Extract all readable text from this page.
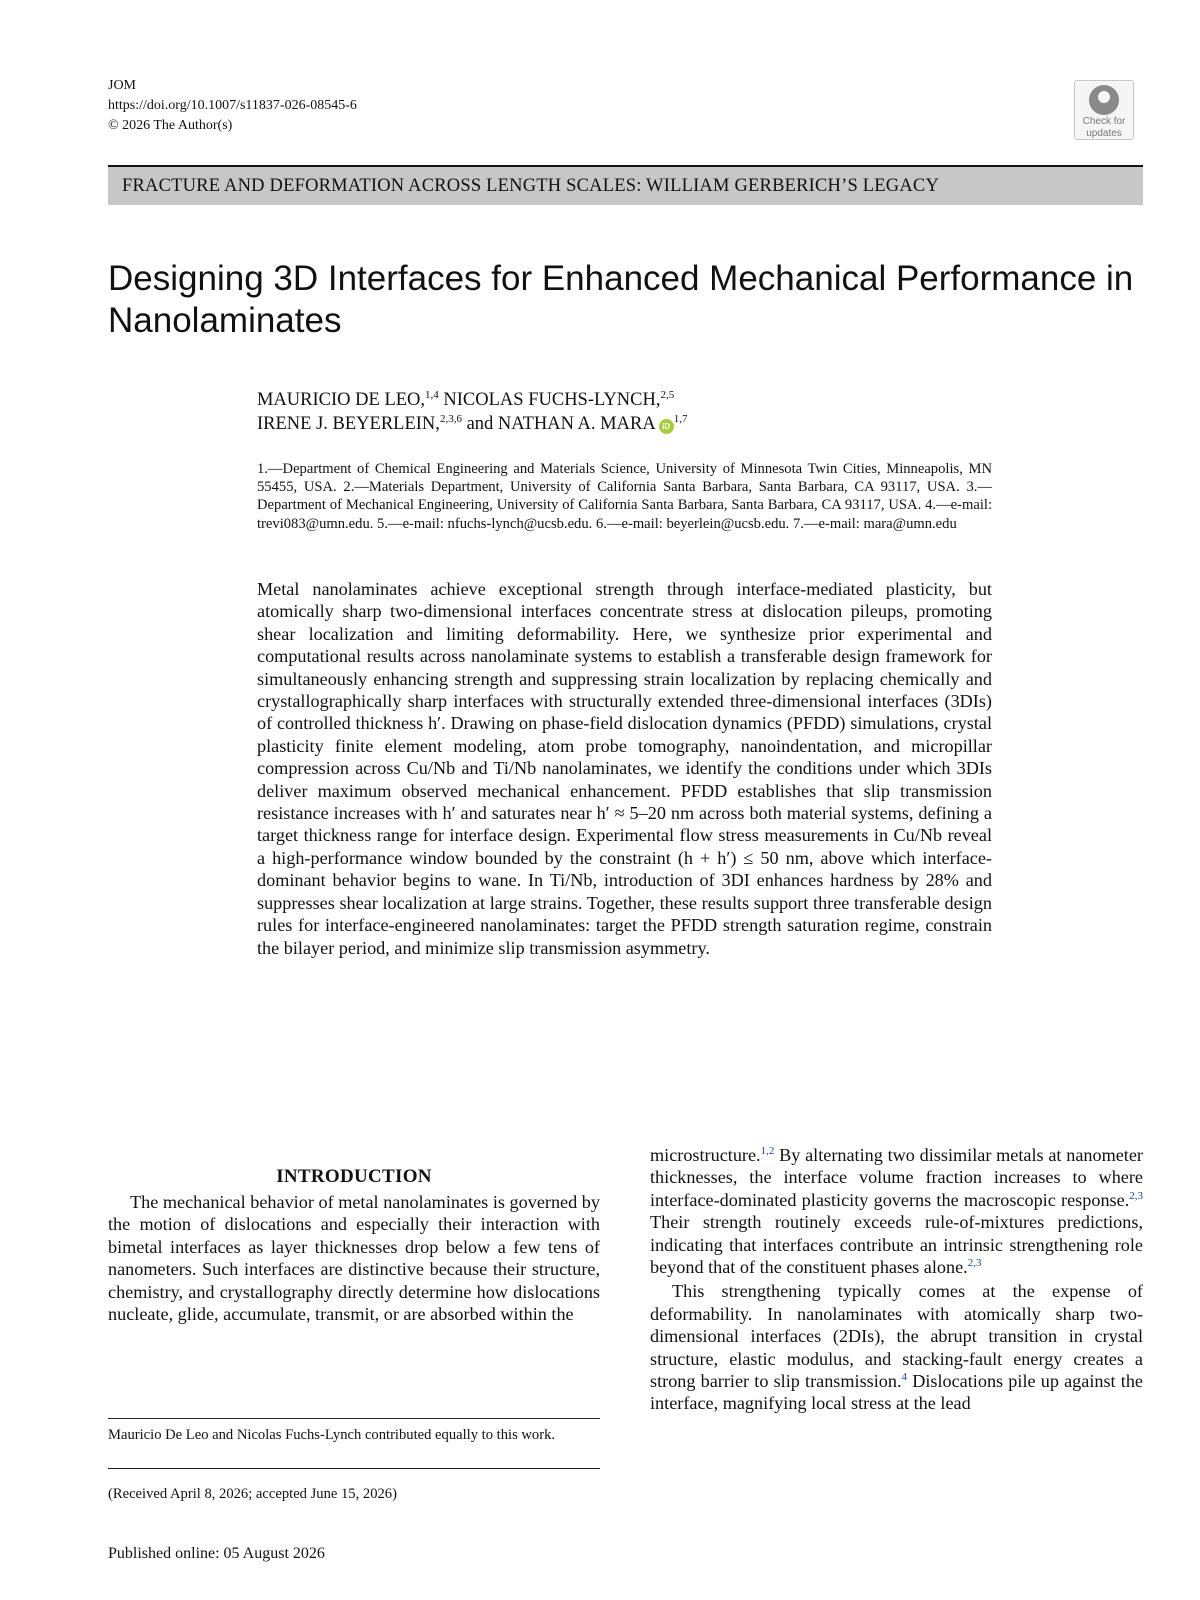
JOM
https://doi.org/10.1007/s11837-026-08545-6
© 2026 The Author(s)	Check for
updates
FRACTURE AND DEFORMATION ACROSS LENGTH SCALES: WILLIAM GERBERICH’S LEGACY
Designing 3D Interfaces for Enhanced Mechanical Performance in Nanolaminates
MAURICIO DE LEO,$^{1,4}$ NICOLAS FUCHS-LYNCH,$^{2,5}$
IRENE J. BEYERLEIN,$^{2,3,6}$ and NATHAN A. MARA iD$^{1,7}$

1.—Department of Chemical Engineering and Materials Science, University of Minnesota Twin Cities, Minneapolis, MN 55455, USA. 2.—Materials Department, University of California Santa Barbara, Santa Barbara, CA 93117, USA. 3.—Department of Mechanical Engineering, University of California Santa Barbara, Santa Barbara, CA 93117, USA. 4.—e-mail: trevi083@umn.edu. 5.—e-mail: nfuchs-lynch@ucsb.edu. 6.—e-mail: beyerlein@ucsb.edu. 7.—e-mail: mara@umn.edu

Metal nanolaminates achieve exceptional strength through interface-mediated plasticity, but atomically sharp two-dimensional interfaces concentrate stress at dislocation pileups, promoting shear localization and limiting deformability. Here, we synthesize prior experimental and computational results across nanolaminate systems to establish a transferable design framework for simultaneously enhancing strength and suppressing strain localization by replacing chemically and crystallographically sharp interfaces with structurally extended three-dimensional interfaces (3DIs) of controlled thickness h′. Drawing on phase-field dislocation dynamics (PFDD) simulations, crystal plasticity finite element modeling, atom probe tomography, nanoindentation, and micropillar compression across Cu/Nb and Ti/Nb nanolaminates, we identify the conditions under which 3DIs deliver maximum observed mechanical enhancement. PFDD establishes that slip transmission resistance increases with h′ and saturates near h′ ≈ 5–20 nm across both material systems, defining a target thickness range for interface design. Experimental flow stress measurements in Cu/Nb reveal a high-performance window bounded by the constraint (h + h′) ≤ 50 nm, above which interface-dominant behavior begins to wane. In Ti/Nb, introduction of 3DI enhances hardness by 28% and suppresses shear localization at large strains. Together, these results support three transferable design rules for interface-engineered nanolaminates: target the PFDD strength saturation regime, constrain the bilayer period, and minimize slip transmission asymmetry.

INTRODUCTION

The mechanical behavior of metal nanolaminates is governed by the motion of dislocations and especially their interaction with bimetal interfaces as layer thicknesses drop below a few tens of nanometers. Such interfaces are distinctive because their structure, chemistry, and crystallography directly determine how dislocations nucleate, glide, accumulate, transmit, or are absorbed within the

microstructure.$^{1,2}$ By alternating two dissimilar metals at nanometer thicknesses, the interface volume fraction increases to where interface-dominated plasticity governs the macroscopic response.$^{2,3}$ Their strength routinely exceeds rule-of-mixtures predictions, indicating that interfaces contribute an intrinsic strengthening role beyond that of the constituent phases alone.$^{2,3}$

This strengthening typically comes at the expense of deformability. In nanolaminates with atomically sharp two-dimensional interfaces (2DIs), the abrupt transition in crystal structure, elastic modulus, and stacking-fault energy creates a strong barrier to slip transmission.$^4$ Dislocations pile up against the interface, magnifying local stress at the lead

Mauricio De Leo and Nicolas Fuchs-Lynch contributed equally to this work.

(Received April 8, 2026; accepted June 15, 2026)

Published online: 05 August 2026
